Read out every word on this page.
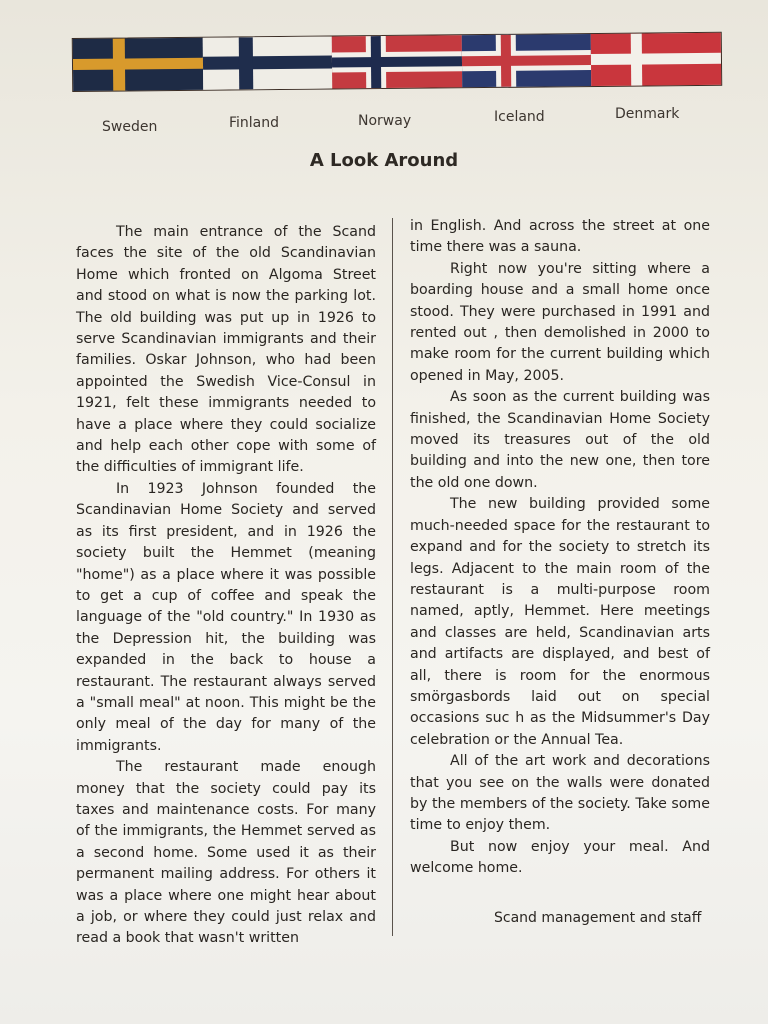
Sweden	Finland	Norway	Iceland	Denmark
A Look Around

The main entrance of the Scand faces the site of the old Scandinavian Home which fronted on Algoma Street and stood on what is now the parking lot. The old building was put up in 1926 to serve Scandinavian immigrants and their families. Oskar Johnson, who had been appointed the Swedish Vice-Consul in 1921, felt these immigrants needed to have a place where they could socialize and help each other cope with some of the difficulties of immigrant life.

In 1923 Johnson founded the Scandinavian Home Society and served as its first president, and in 1926 the society built the Hemmet (meaning "home") as a place where it was possible to get a cup of coffee and speak the language of the "old country." In 1930 as the Depression hit, the building was expanded in the back to house a restaurant. The restaurant always served a "small meal" at noon. This might be the only meal of the day for many of the immigrants.

The restaurant made enough money that the society could pay its taxes and maintenance costs. For many of the immigrants, the Hemmet served as a second home. Some used it as their permanent mailing address. For others it was a place where one might hear about a job, or where they could just relax and read a book that wasn't written

in English. And across the street at one time there was a sauna.

Right now you're sitting where a boarding house and a small home once stood. They were purchased in 1991 and rented out , then demolished in 2000 to make room for the current building which opened in May, 2005.

As soon as the current building was finished, the Scandinavian Home Society moved its treasures out of the old building and into the new one, then tore the old one down.

The new building provided some much-needed space for the restaurant to expand and for the society to stretch its legs. Adjacent to the main room of the restaurant is a multi-purpose room named, aptly, Hemmet. Here meetings and classes are held, Scandinavian arts and artifacts are displayed, and best of all, there is room for the enormous smörgasbords laid out on special occasions suc h as the Midsummer's Day celebration or the Annual Tea.

All of the art work and decorations that you see on the walls were donated by the members of the society. Take some time to enjoy them.

But now enjoy your meal. And welcome home.

Scand management and staff
